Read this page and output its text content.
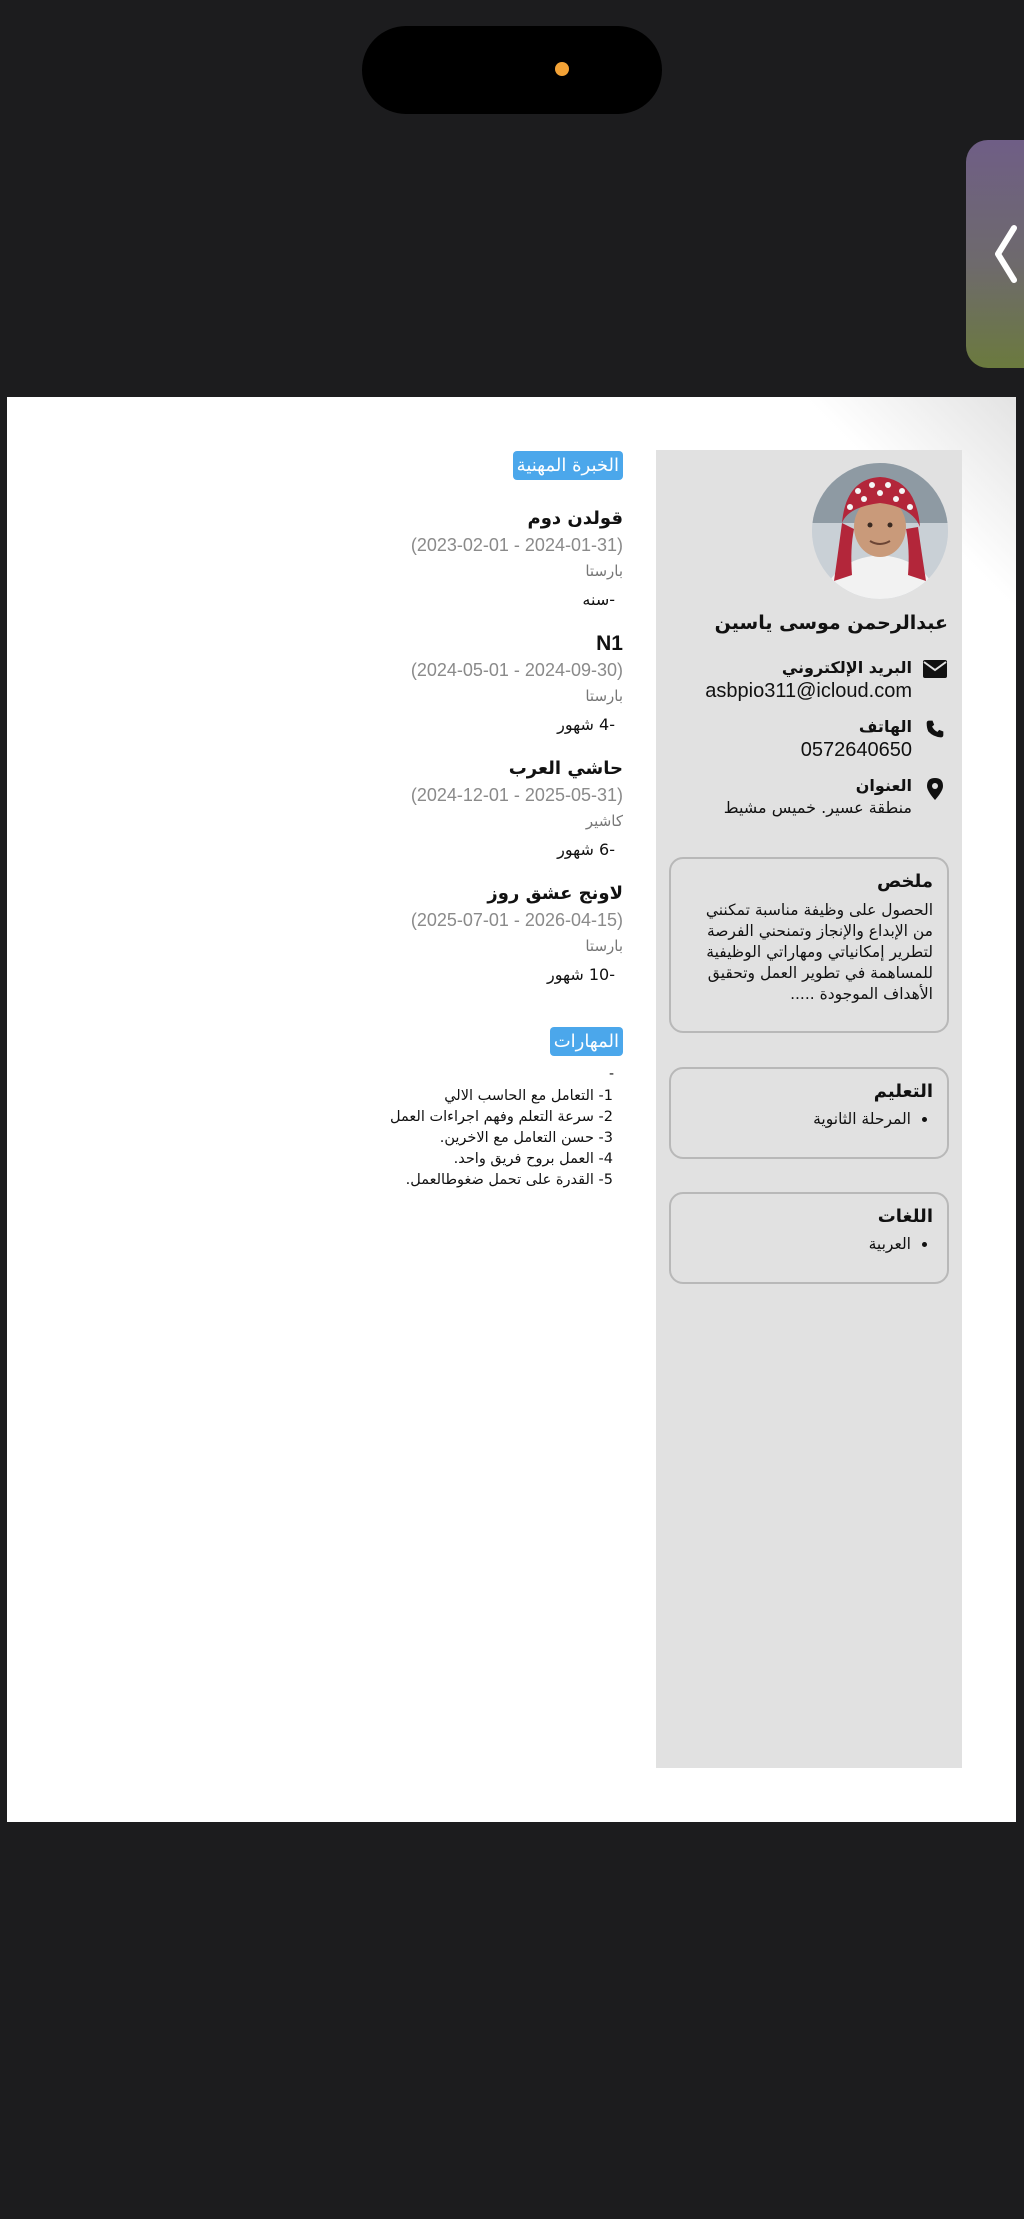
عبدالرحمن موسى ياسين
البريد الإلكتروني
asbpio311@icloud.com
الهاتف
0572640650
العنوان
منطقة عسير. خميس مشيط
ملخص
الحصول على وظيفة مناسبة تمكنني من الإبداع والإنجاز وتمنحني الفرصة لتطرير إمكانياتي ومهاراتي الوظيفية للمساهمة في تطوير العمل وتحقيق الأهداف الموجودة .....
التعليم
• المرحلة الثانوية
اللغات
• العربية
الخبرة المهنية
قولدن دوم
(2023-02-01 - 2024-01-31)
بارستا
-سنه
N1
(2024-05-01 - 2024-09-30)
بارستا
-4 شهور
حاشي العرب
(2024-12-01 - 2025-05-31)
كاشير
-6 شهور
لاونج عشق روز
(2025-07-01 - 2026-04-15)
بارستا
-10 شهور
المهارات
-
1- التعامل مع الحاسب الالي
2- سرعة التعلم وفهم اجراءات العمل
3- حسن التعامل مع الاخرين.
4- العمل بروح فريق واحد.
5- القدرة على تحمل ضغوطالعمل.
